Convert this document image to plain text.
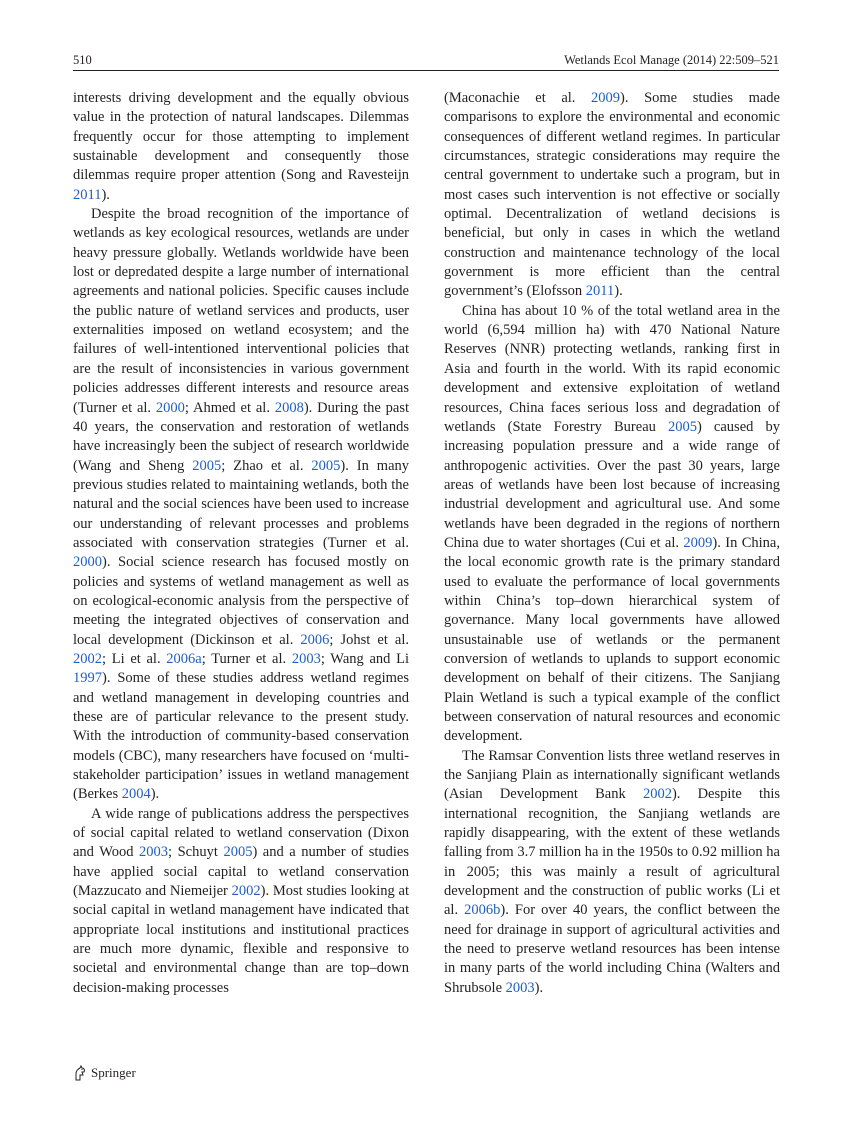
510	Wetlands Ecol Manage (2014) 22:509–521

interests driving development and the equally obvious value in the protection of natural landscapes. Dilemmas frequently occur for those attempting to implement sustainable development and consequently those dilemmas require proper attention (Song and Ravesteijn 2011).

Despite the broad recognition of the importance of wetlands as key ecological resources, wetlands are under heavy pressure globally. Wetlands worldwide have been lost or depredated despite a large number of international agreements and national policies. Specific causes include the public nature of wetland services and products, user externalities imposed on wetland ecosystem; and the failures of well-intentioned interventional policies that are the result of inconsistencies in various government policies addresses different interests and resource areas (Turner et al. 2000; Ahmed et al. 2008). During the past 40 years, the conservation and restoration of wetlands have increasingly been the subject of research worldwide (Wang and Sheng 2005; Zhao et al. 2005). In many previous studies related to maintaining wetlands, both the natural and the social sciences have been used to increase our understanding of relevant processes and problems associated with conservation strategies (Turner et al. 2000). Social science research has focused mostly on policies and systems of wetland management as well as on ecological-economic analysis from the perspective of meeting the integrated objectives of conservation and local development (Dickinson et al. 2006; Johst et al. 2002; Li et al. 2006a; Turner et al. 2003; Wang and Li 1997). Some of these studies address wetland regimes and wetland management in developing countries and these are of particular relevance to the present study. With the introduction of community-based conservation models (CBC), many researchers have focused on ‘multi-stakeholder participation’ issues in wetland management (Berkes 2004).

A wide range of publications address the perspectives of social capital related to wetland conservation (Dixon and Wood 2003; Schuyt 2005) and a number of studies have applied social capital to wetland conservation (Mazzucato and Niemeijer 2002). Most studies looking at social capital in wetland management have indicated that appropriate local institutions and institutional practices are much more dynamic, flexible and responsive to societal and environmental change than are top–down decision-making processes

(Maconachie et al. 2009). Some studies made comparisons to explore the environmental and economic consequences of different wetland regimes. In particular circumstances, strategic considerations may require the central government to undertake such a program, but in most cases such intervention is not effective or socially optimal. Decentralization of wetland decisions is beneficial, but only in cases in which the wetland construction and maintenance technology of the local government is more efficient than the central government’s (Elofsson 2011).

China has about 10 % of the total wetland area in the world (6,594 million ha) with 470 National Nature Reserves (NNR) protecting wetlands, ranking first in Asia and fourth in the world. With its rapid economic development and extensive exploitation of wetland resources, China faces serious loss and degradation of wetlands (State Forestry Bureau 2005) caused by increasing population pressure and a wide range of anthropogenic activities. Over the past 30 years, large areas of wetlands have been lost because of increasing industrial development and agricultural use. And some wetlands have been degraded in the regions of northern China due to water shortages (Cui et al. 2009). In China, the local economic growth rate is the primary standard used to evaluate the performance of local governments within China’s top–down hierarchical system of governance. Many local governments have allowed unsustainable use of wetlands or the permanent conversion of wetlands to uplands to support economic development on behalf of their citizens. The Sanjiang Plain Wetland is such a typical example of the conflict between conservation of natural resources and economic development.

The Ramsar Convention lists three wetland reserves in the Sanjiang Plain as internationally significant wetlands (Asian Development Bank 2002). Despite this international recognition, the Sanjiang wetlands are rapidly disappearing, with the extent of these wetlands falling from 3.7 million ha in the 1950s to 0.92 million ha in 2005; this was mainly a result of agricultural development and the construction of public works (Li et al. 2006b). For over 40 years, the conflict between the need for drainage in support of agricultural activities and the need to preserve wetland resources has been intense in many parts of the world including China (Walters and Shrubsole 2003).

Springer
